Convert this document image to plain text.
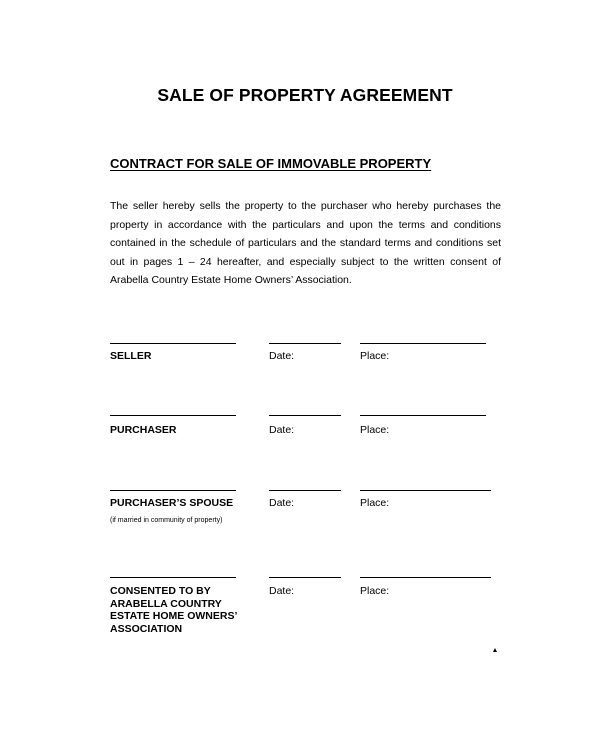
SALE OF PROPERTY AGREEMENT
CONTRACT FOR SALE OF IMMOVABLE PROPERTY

The seller hereby sells the property to the purchaser who hereby purchases the property in accordance with the particulars and upon the terms and conditions contained in the schedule of particulars and the standard terms and conditions set out in pages 1 – 24 hereafter, and especially subject to the written consent of Arabella Country Estate Home Owners’ Association.

SELLER	Date:	Place:
PURCHASER	Date:	Place:
PURCHASER’S SPOUSE	Date:	Place:
(if married in community of property)
CONSENTED TO BY
ARABELLA COUNTRY
ESTATE HOME OWNERS’
ASSOCIATION
Date:	Place:
